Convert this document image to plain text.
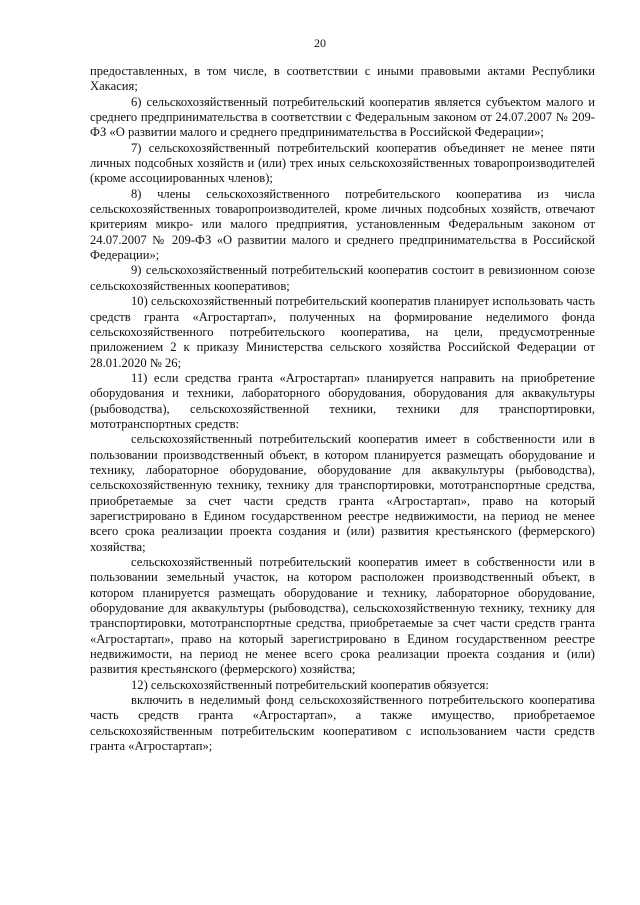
20

предоставленных, в том числе, в соответствии с иными правовыми актами Республики Хакасия;

6) сельскохозяйственный потребительский кооператив является субъектом малого и среднего предпринимательства в соответствии с Федеральным законом от 24.07.2007 № 209-ФЗ «О развитии малого и среднего предпринимательства в Российской Федерации»;

7) сельскохозяйственный потребительский кооператив объединяет не менее пяти личных подсобных хозяйств и (или) трех иных сельскохозяйственных товаропроизводителей (кроме ассоциированных членов);

8) члены сельскохозяйственного потребительского кооператива из числа сельскохозяйственных товаропроизводителей, кроме личных подсобных хозяйств, отвечают критериям микро- или малого предприятия, установленным Федеральным законом от 24.07.2007 № 209-ФЗ «О развитии малого и среднего предпринимательства в Российской Федерации»;

9) сельскохозяйственный потребительский кооператив состоит в ревизионном союзе сельскохозяйственных кооперативов;

10) сельскохозяйственный потребительский кооператив планирует использовать часть средств гранта «Агростартап», полученных на формирование неделимого фонда сельскохозяйственного потребительского кооператива, на цели, предусмотренные приложением 2 к приказу Министерства сельского хозяйства Российской Федерации от 28.01.2020 № 26;

11) если средства гранта «Агростартап» планируется направить на приобретение оборудования и техники, лабораторного оборудования, оборудования для аквакультуры (рыбоводства), сельскохозяйственной техники, техники для транспортировки, мототранспортных средств:

сельскохозяйственный потребительский кооператив имеет в собственности или в пользовании производственный объект, в котором планируется размещать оборудование и технику, лабораторное оборудование, оборудование для аквакультуры (рыбоводства), сельскохозяйственную технику, технику для транспортировки, мототранспортные средства, приобретаемые за счет части средств гранта «Агростартап», право на который зарегистрировано в Едином государственном реестре недвижимости, на период не менее всего срока реализации проекта создания и (или) развития крестьянского (фермерского) хозяйства;

сельскохозяйственный потребительский кооператив имеет в собственности или в пользовании земельный участок, на котором расположен производственный объект, в котором планируется размещать оборудование и технику, лабораторное оборудование, оборудование для аквакультуры (рыбоводства), сельскохозяйственную технику, технику для транспортировки, мототранспортные средства, приобретаемые за счет части средств гранта «Агростартап», право на который зарегистрировано в Едином государственном реестре недвижимости, на период не менее всего срока реализации проекта создания и (или) развития крестьянского (фермерского) хозяйства;

12) сельскохозяйственный потребительский кооператив обязуется:

включить в неделимый фонд сельскохозяйственного потребительского кооператива часть средств гранта «Агростартап», а также имущество, приобретаемое сельскохозяйственным потребительским кооперативом с использованием части средств гранта «Агростартап»;
